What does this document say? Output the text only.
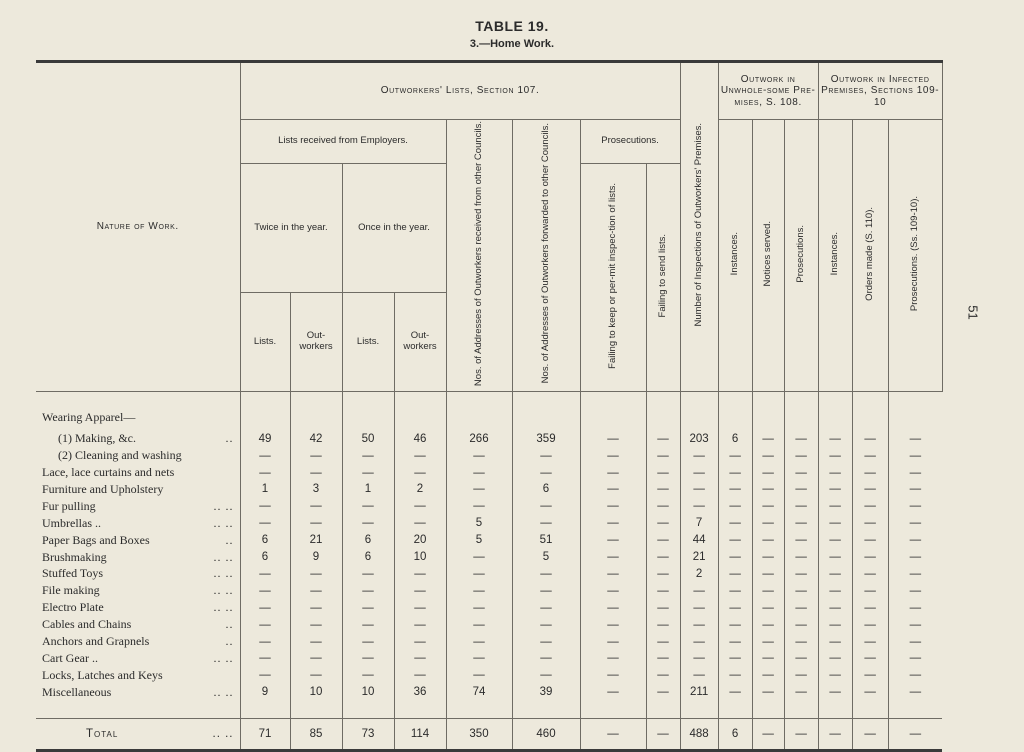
TABLE 19.
3.—Home Work.
51
Nature of Work.	Outworkers' Lists, Section 107.								Number of Inspections of Outworkers' Premises.	Outwork in Unwhole-some Pre-mises, S. 108.			Outwork in Infected Premises, Sections 109-10		
	Lists received from Employers.				Nos. of Addresses of Outworkers received from other Councils.	Nos. of Addresses of Outworkers forwarded to other Councils.	Prosecutions.			Instances.	Notices served.	Prosecutions.	Instances.	Orders made (S. 110).	Prosecutions. (Ss. 109-10).
	Twice in the year.		Once in the year.				Failing to keep or per-mit inspec-tion of lists.	Failing to send lists.							
	Lists.	Out-workers	Lists.	Out-workers											

Wearing Apparel—															
(1) Making, &c. ..	49	42	50	46	266	359	—	—	203	6	—	—	—	—	—
(2) Cleaning and washing	—	—	—	—	—	—	—	—	—	—	—	—	—	—	—
Lace, lace curtains and nets	—	—	—	—	—	—	—	—	—	—	—	—	—	—	—
Furniture and Upholstery	1	3	1	2	—	6	—	—	—	—	—	—	—	—	—
Fur pulling .. ..	—	—	—	—	—	—	—	—	—	—	—	—	—	—	—
Umbrellas .. .. ..	—	—	—	—	5	—	—	—	7	—	—	—	—	—	—
Paper Bags and Boxes ..	6	21	6	20	5	51	—	—	44	—	—	—	—	—	—
Brushmaking .. ..	6	9	6	10	—	5	—	—	21	—	—	—	—	—	—
Stuffed Toys .. ..	—	—	—	—	—	—	—	—	2	—	—	—	—	—	—
File making .. ..	—	—	—	—	—	—	—	—	—	—	—	—	—	—	—
Electro Plate .. ..	—	—	—	—	—	—	—	—	—	—	—	—	—	—	—
Cables and Chains ..	—	—	—	—	—	—	—	—	—	—	—	—	—	—	—
Anchors and Grapnels ..	—	—	—	—	—	—	—	—	—	—	—	—	—	—	—
Cart Gear .. .. ..	—	—	—	—	—	—	—	—	—	—	—	—	—	—	—
Locks, Latches and Keys	—	—	—	—	—	—	—	—	—	—	—	—	—	—	—
Miscellaneous .. ..	9	10	10	36	74	39	—	—	211	—	—	—	—	—	—

Total .. ..	71	85	73	114	350	460	—	—	488	6	—	—	—	—	—
